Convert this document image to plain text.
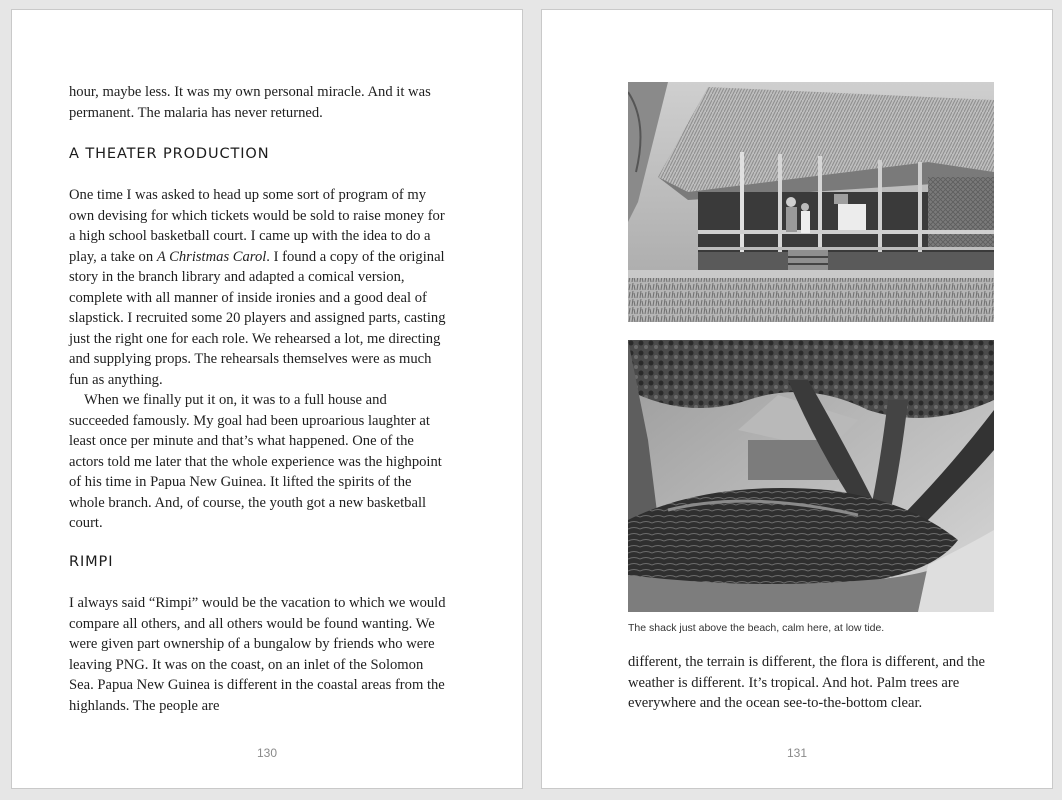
hour, maybe less. It was my own personal miracle. And it was permanent. The malaria has never returned.

A THEATER PRODUCTION

One time I was asked to head up some sort of program of my own devising for which tickets would be sold to raise money for a high school basketball court. I came up with the idea to do a play, a take on A Christmas Carol. I found a copy of the original story in the branch library and adapted a comical version, complete with all manner of inside ironies and a good deal of slapstick. I recruited some 20 players and assigned parts, casting just the right one for each role. We rehearsed a lot, me directing and supplying props. The rehearsals themselves were as much fun as anything.

When we finally put it on, it was to a full house and succeeded famously. My goal had been uproarious laughter at least once per minute and that’s what happened. One of the actors told me later that the whole experience was the highpoint of his time in Papua New Guinea. It lifted the spirits of the whole branch. And, of course, the youth got a new basketball court.

RIMPI

I always said “Rimpi” would be the vacation to which we would compare all others, and all others would be found wanting. We were given part ownership of a bungalow by friends who were leaving PNG. It was on the coast, on an inlet of the Solomon Sea. Papua New Guinea is different in the coastal areas from the highlands. The people are

130

The shack just above the beach, calm here, at low tide.

different, the terrain is different, the flora is different, and the weather is different. It’s tropical. And hot. Palm trees are everywhere and the ocean see-to-the-bottom clear.

131
